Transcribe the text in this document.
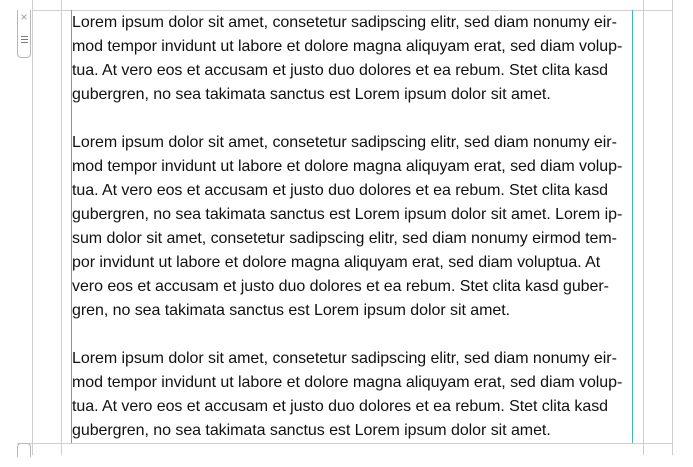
×	Lorem ipsum dolor sit amet, consetetur sadipscing elitr, sed diam nonumy eirmod tempor invidunt ut labore et dolore magna aliquyam erat, sed diam voluptua. At vero eos et accusam et justo duo dolores et ea rebum. Stet clita kasd gubergren, no sea takimata sanctus est Lorem ipsum dolor sit amet.

Lorem ipsum dolor sit amet, consetetur sadipscing elitr, sed diam nonumy eirmod tempor invidunt ut labore et dolore magna aliquyam erat, sed diam voluptua. At vero eos et accusam et justo duo dolores et ea rebum. Stet clita kasd gubergren, no sea takimata sanctus est Lorem ipsum dolor sit amet. Lorem ipsum dolor sit amet, consetetur sadipscing elitr, sed diam nonumy eirmod tempor invidunt ut labore et dolore magna aliquyam erat, sed diam voluptua. At vero eos et accusam et justo duo dolores et ea rebum. Stet clita kasd gubergren, no sea takimata sanctus est Lorem ipsum dolor sit amet.

Lorem ipsum dolor sit amet, consetetur sadipscing elitr, sed diam nonumy eirmod tempor invidunt ut labore et dolore magna aliquyam erat, sed diam voluptua. At vero eos et accusam et justo duo dolores et ea rebum. Stet clita kasd gubergren, no sea takimata sanctus est Lorem ipsum dolor sit amet.
